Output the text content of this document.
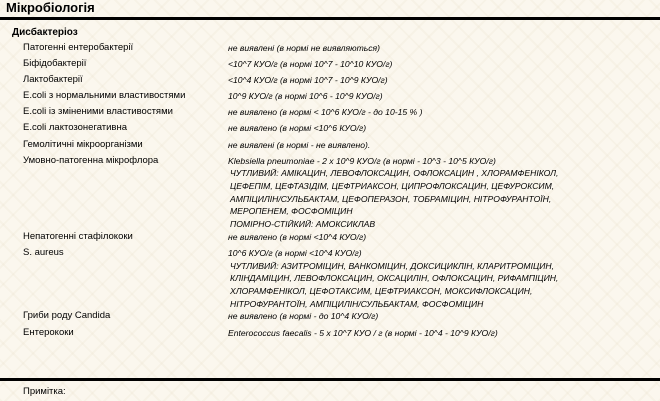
Мікробіологія
Дисбактеріоз
Патогенні ентеробактерії	не виявлені (в нормі не виявляються)
Біфідобактерії	<10^7 КУО/г (в нормі 10^7 - 10^10 КУО/г)
Лактобактерії	<10^4 КУО/г (в нормі 10^7 - 10^9 КУО/г)
E.coli з нормальними властивостями	10^9 КУО/г (в нормі 10^6 - 10^9 КУО/г)
E.coli із зміненими властивостями	не виявлено (в нормі < 10^6 КУО/г - до 10-15 % )
E.coli лактозонегативна	не виявлено (в нормі <10^6 КУО/г)
Гемолітичні мікроорганізми	не виявлені (в нормі - не виявлено).
Умовно-патогенна мікрофлора	Klebsiella pneumoniae - 2 x 10^9 КУО/г (в нормі - 10^3 - 10^5 КУО/г)
ЧУТЛИВИЙ: АМІКАЦИН, ЛЕВОФЛОКСАЦИН, ОФЛОКСАЦИН , ХЛОРАМФЕНІКОЛ,
ЦЕФЕПІМ, ЦЕФТАЗІДІМ, ЦЕФТРИАКСОН, ЦИПРОФЛОКСАЦИН, ЦЕФУРОКСИМ,
АМПІЦИЛІН/СУЛЬБАКТАМ, ЦЕФОПЕРАЗОН, ТОБРАМІЦИН, НІТРОФУРАНТОЇН,
МЕРОПЕНЕМ, ФОСФОМІЦИН
ПОМІРНО-СТІЙКИЙ: АМОКСИКЛАВ
Непатогенні стафілококи	не виявлено (в нормі <10^4 КУО/г)
S. aureus	10^6 КУО/г (в нормі <10^4 КУО/г)
ЧУТЛИВИЙ: АЗИТРОМІЦИН, ВАНКОМІЦИН, ДОКСИЦИКЛІН, КЛАРИТРОМІЦИН,
КЛІНДАМІЦИН, ЛЕВОФЛОКСАЦИН, ОКСАЦИЛІН, ОФЛОКСАЦИН, РИФАМПІЦИН,
ХЛОРАМФЕНІКОЛ, ЦЕФОТАКСИМ, ЦЕФТРИАКСОН, МОКСИФЛОКСАЦИН,
НІТРОФУРАНТОЇН, АМПІЦИЛІН/СУЛЬБАКТАМ, ФОСФОМІЦИН
Гриби роду Candida	не виявлено (в нормі - до 10^4 КУО/г)
Ентерококи	Enterococcus faecalis - 5 x 10^7 КУО / г (в нормі - 10^4 - 10^9 КУО/г)
Примітка:
